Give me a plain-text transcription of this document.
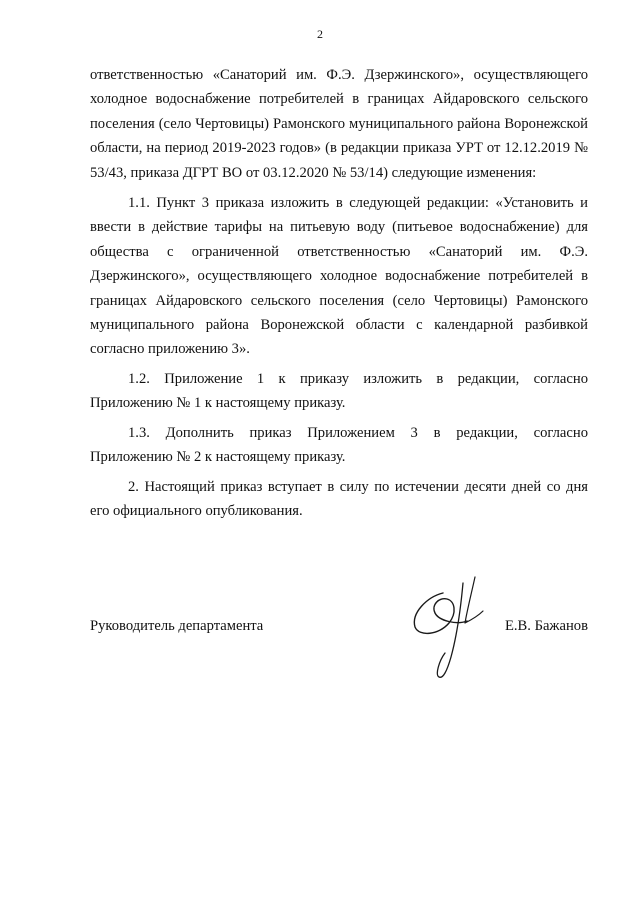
2

ответственностью «Санаторий им. Ф.Э. Дзержинского», осуществляющего холодное водоснабжение потребителей в границах Айдаровского сельского поселения (село Чертовицы) Рамонского муниципального района Воронежской области, на период 2019-2023 годов» (в редакции приказа УРТ от 12.12.2019 № 53/43, приказа ДГРТ ВО от 03.12.2020 № 53/14) следующие изменения:

1.1. Пункт 3 приказа изложить в следующей редакции: «Установить и ввести в действие тарифы на питьевую воду (питьевое водоснабжение) для общества с ограниченной ответственностью «Санаторий им. Ф.Э. Дзержинского», осуществляющего холодное водоснабжение потребителей в границах Айдаровского сельского поселения (село Чертовицы) Рамонского муниципального района Воронежской области с календарной разбивкой согласно приложению 3».

1.2. Приложение 1 к приказу изложить в редакции, согласно Приложению № 1 к настоящему приказу.

1.3. Дополнить приказ Приложением 3 в редакции, согласно Приложению № 2 к настоящему приказу.

2. Настоящий приказ вступает в силу по истечении десяти дней со дня его официального опубликования.

Руководитель департамента	Е.В. Бажанов
